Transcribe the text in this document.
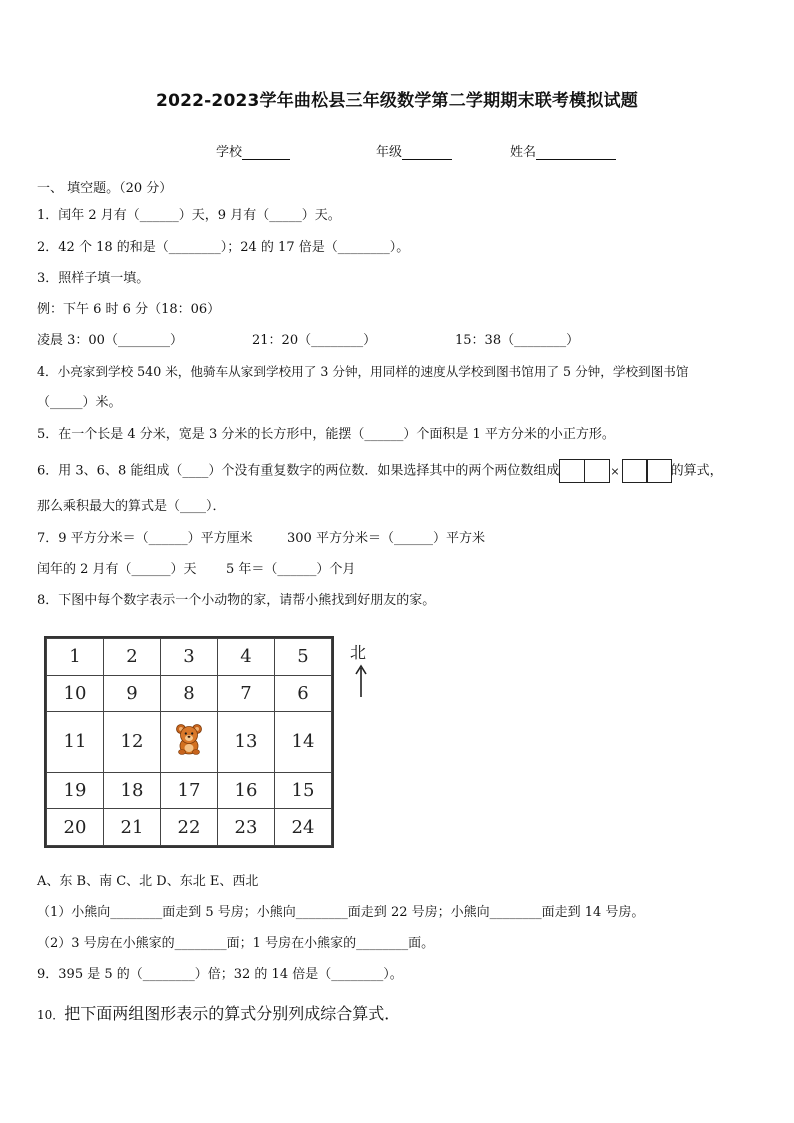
2022-2023学年曲松县三年级数学第二学期期末联考模拟试题
学校	年级	姓名
一、 填空题。（20 分）
1．闰年 2 月有（______）天，9 月有（_____）天。
2．42 个 18 的和是（________）；24 的 17 倍是（________）。
3．照样子填一填。
例：下午 6 时 6 分（18：06）
凌晨 3：00（________）	21：20（________）	15：38（________）
4．小亮家到学校 540 米，他骑车从家到学校用了 3 分钟，用同样的速度从学校到图书馆用了 5 分钟，学校到图书馆
（_____）米。
5．在一个长是 4 分米，宽是 3 分米的长方形中，能摆（______）个面积是 1 平方分米的小正方形。
6．用 3、6、8 能组成（____）个没有重复数字的两位数．如果选择其中的两个两位数组成	×	的算式，
那么乘积最大的算式是（____）．
7．9 平方分米＝（______）平方厘米	300 平方分米＝（______）平方米
闰年的 2 月有（______）天 5 年＝（______）个月
8．下图中每个数字表示一个小动物的家，请帮小熊找到好朋友的家。
1	2	3	4	5
10	9	8	7	6
11	12		13	14
19	18	17	16	15
20	21	22	23	24
北
A、东 B、南 C、北 D、东北 E、西北
（1）小熊向________面走到 5 号房；小熊向________面走到 22 号房；小熊向________面走到 14 号房。
（2）3 号房在小熊家的________面；1 号房在小熊家的________面。
9．395 是 5 的（________）倍；32 的 14 倍是（________）。
10．把下面两组图形表示的算式分别列成综合算式．
